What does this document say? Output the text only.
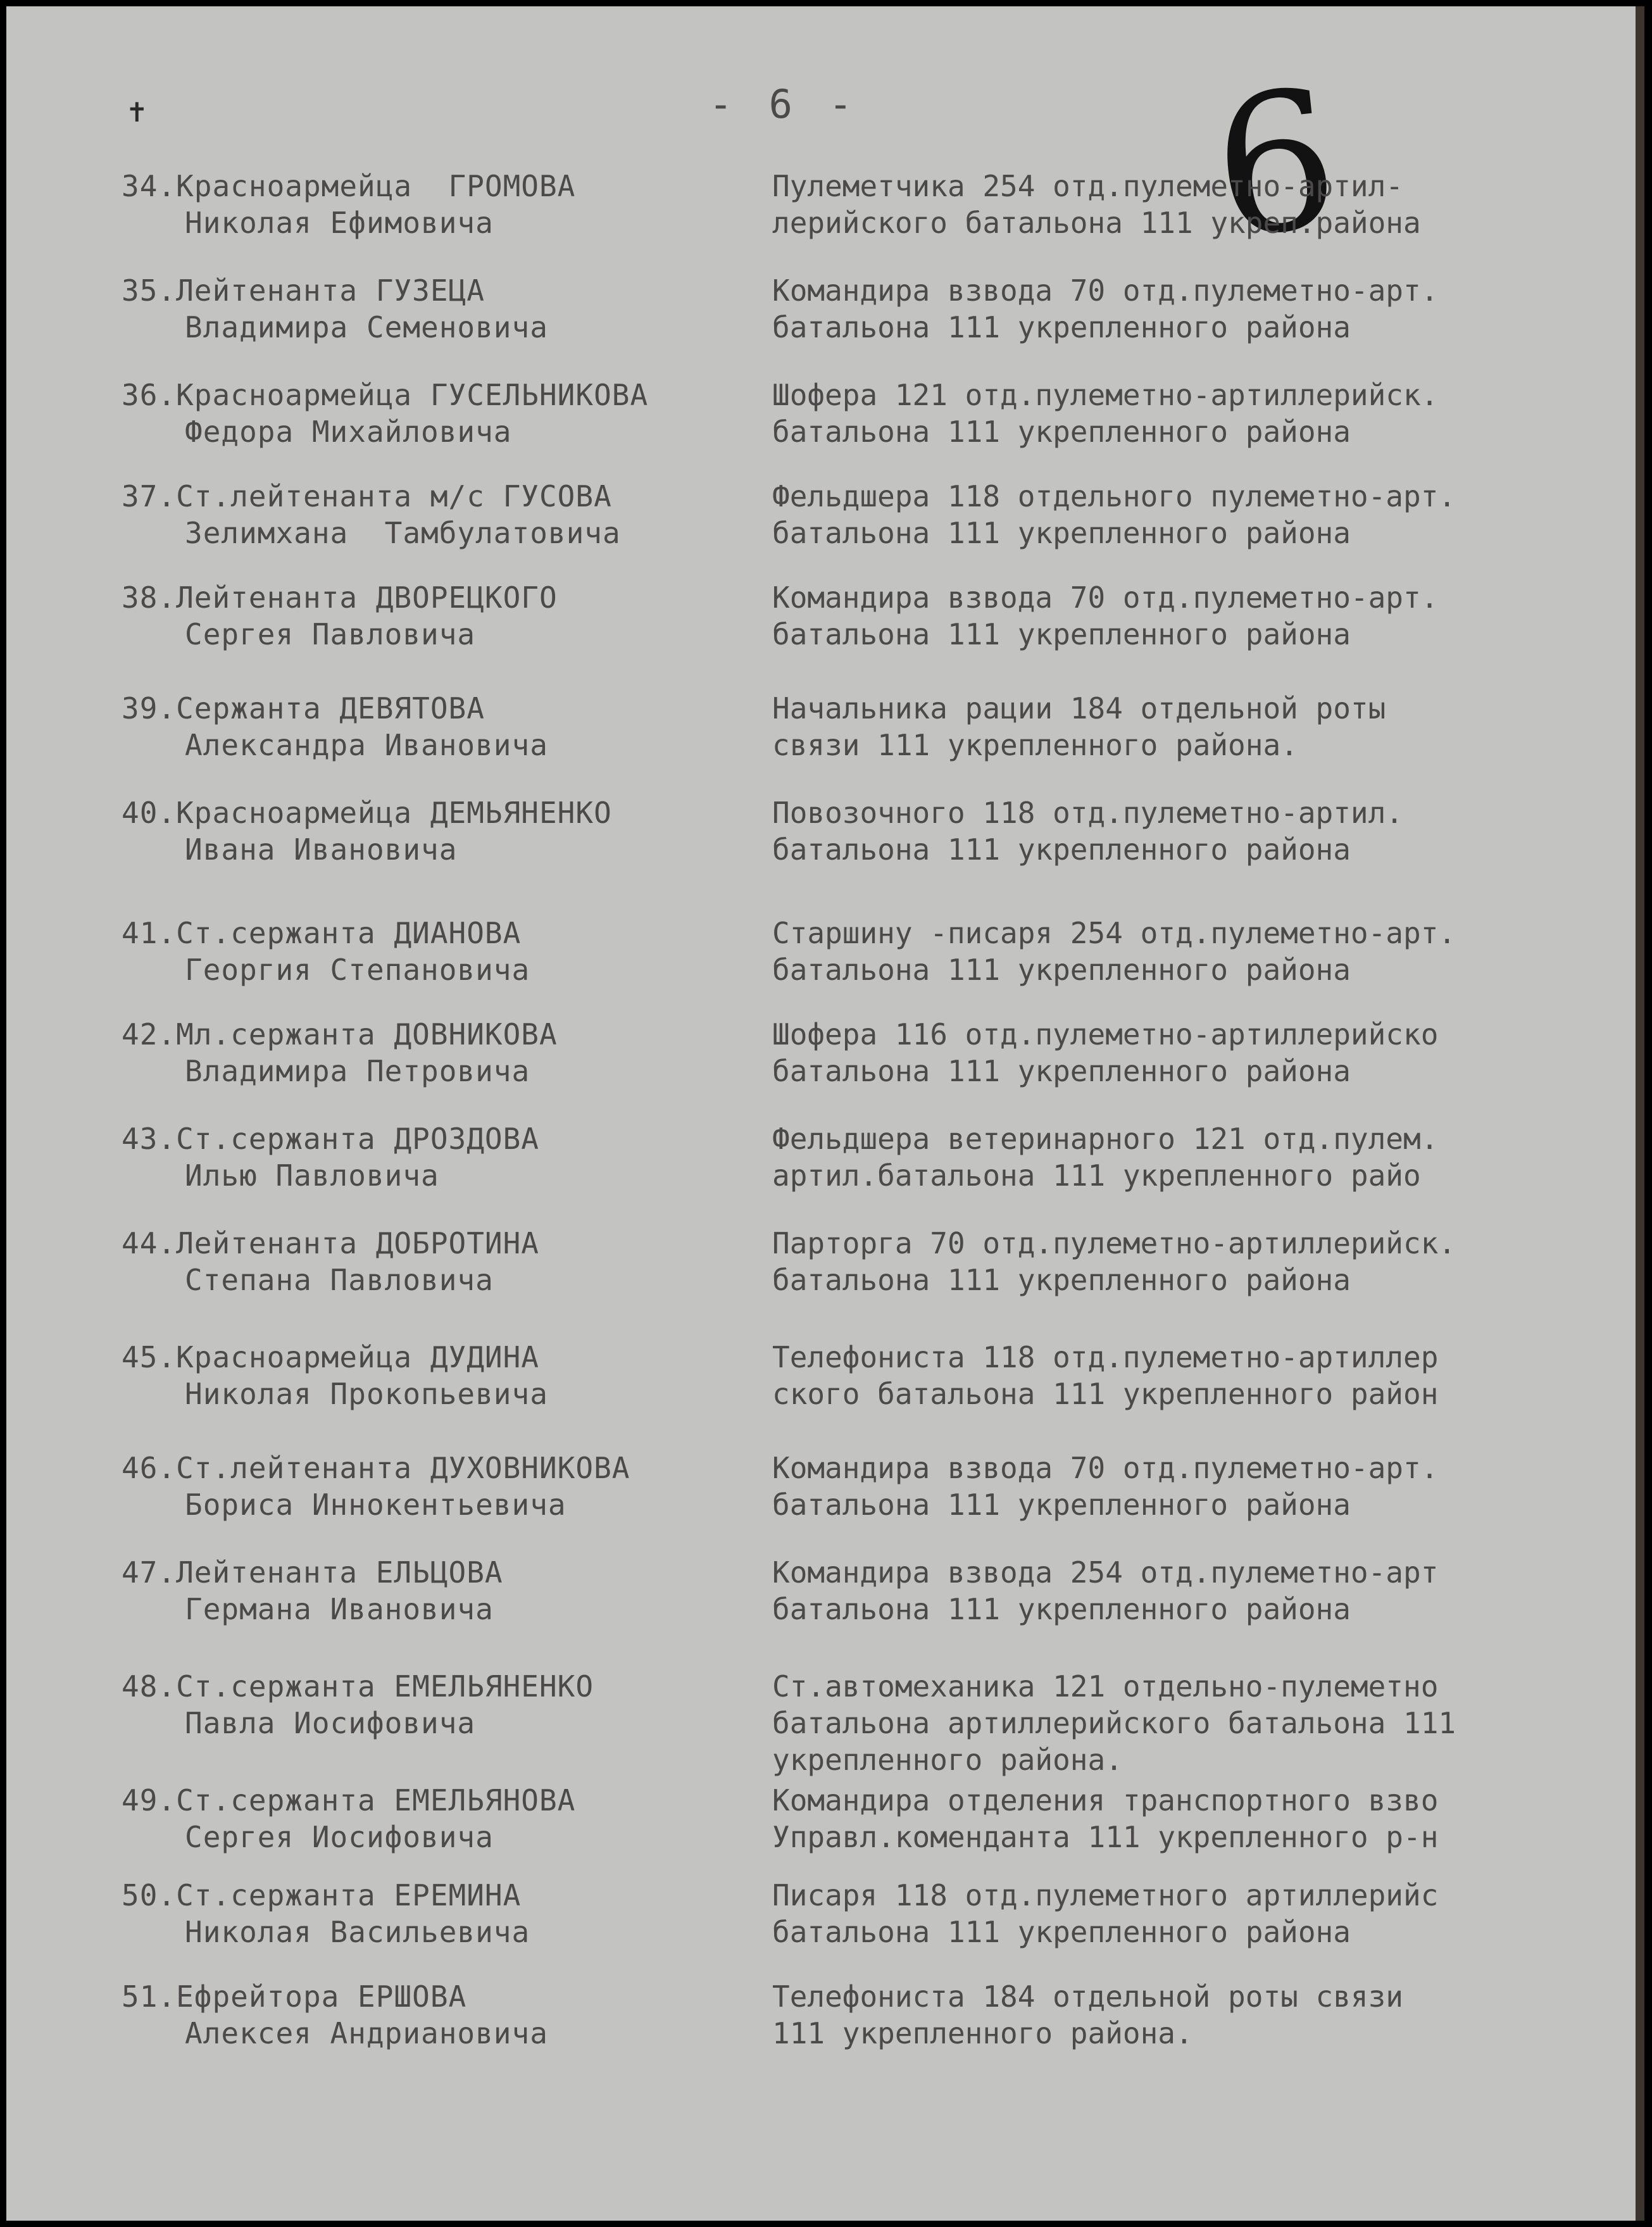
✝	- 6 - 6
34.Красноармейца  ГРОМОВА
Николая Ефимовича
Пулеметчика 254 отд.пулеметно-артил-
лерийского батальона 111 укреп.района
35.Лейтенанта ГУЗЕЦА
Владимира Семеновича
Командира взвода 70 отд.пулеметно-арт.
батальона 111 укрепленного района
36.Красноармейца ГУСЕЛЬНИКОВА
Федора Михайловича
Шофера 121 отд.пулеметно-артиллерийск.
батальона 111 укрепленного района
37.Ст.лейтенанта м/с ГУСОВА
Зелимхана  Тамбулатовича
Фельдшера 118 отдельного пулеметно-арт.
батальона 111 укрепленного района
38.Лейтенанта ДВОРЕЦКОГО
Сергея Павловича
Командира взвода 70 отд.пулеметно-арт.
батальона 111 укрепленного района
39.Сержанта ДЕВЯТОВА
Александра Ивановича
Начальника рации 184 отдельной роты
связи 111 укрепленного района.
40.Красноармейца ДЕМЬЯНЕНКО
Ивана Ивановича
Повозочного 118 отд.пулеметно-артил.
батальона 111 укрепленного района
41.Ст.сержанта ДИАНОВА
Георгия Степановича
Старшину -писаря 254 отд.пулеметно-арт.
батальона 111 укрепленного района
42.Мл.сержанта ДОВНИКОВА
Владимира Петровича
Шофера 116 отд.пулеметно-артиллерийско
батальона 111 укрепленного района
43.Ст.сержанта ДРОЗДОВА
Илью Павловича
Фельдшера ветеринарного 121 отд.пулем.
артил.батальона 111 укрепленного райо
44.Лейтенанта ДОБРОТИНА
Степана Павловича
Парторга 70 отд.пулеметно-артиллерийск.
батальона 111 укрепленного района
45.Красноармейца ДУДИНА
Николая Прокопьевича
Телефониста 118 отд.пулеметно-артиллер
ского батальона 111 укрепленного район
46.Ст.лейтенанта ДУХОВНИКОВА
Бориса Иннокентьевича
Командира взвода 70 отд.пулеметно-арт.
батальона 111 укрепленного района
47.Лейтенанта ЕЛЬЦОВА
Германа Ивановича
Командира взвода 254 отд.пулеметно-арт
батальона 111 укрепленного района
48.Ст.сержанта ЕМЕЛЬЯНЕНКО
Павла Иосифовича
Ст.автомеханика 121 отдельно-пулеметно
батальона артиллерийского батальона 111
укрепленного района.
49.Ст.сержанта ЕМЕЛЬЯНОВА
Сергея Иосифовича
Командира отделения транспортного взво
Управл.коменданта 111 укрепленного р-н
50.Ст.сержанта ЕРЕМИНА
Николая Васильевича
Писаря 118 отд.пулеметного артиллерийс
батальона 111 укрепленного района
51.Ефрейтора ЕРШОВА
Алексея Андриановича
Телефониста 184 отдельной роты связи
111 укрепленного района.
